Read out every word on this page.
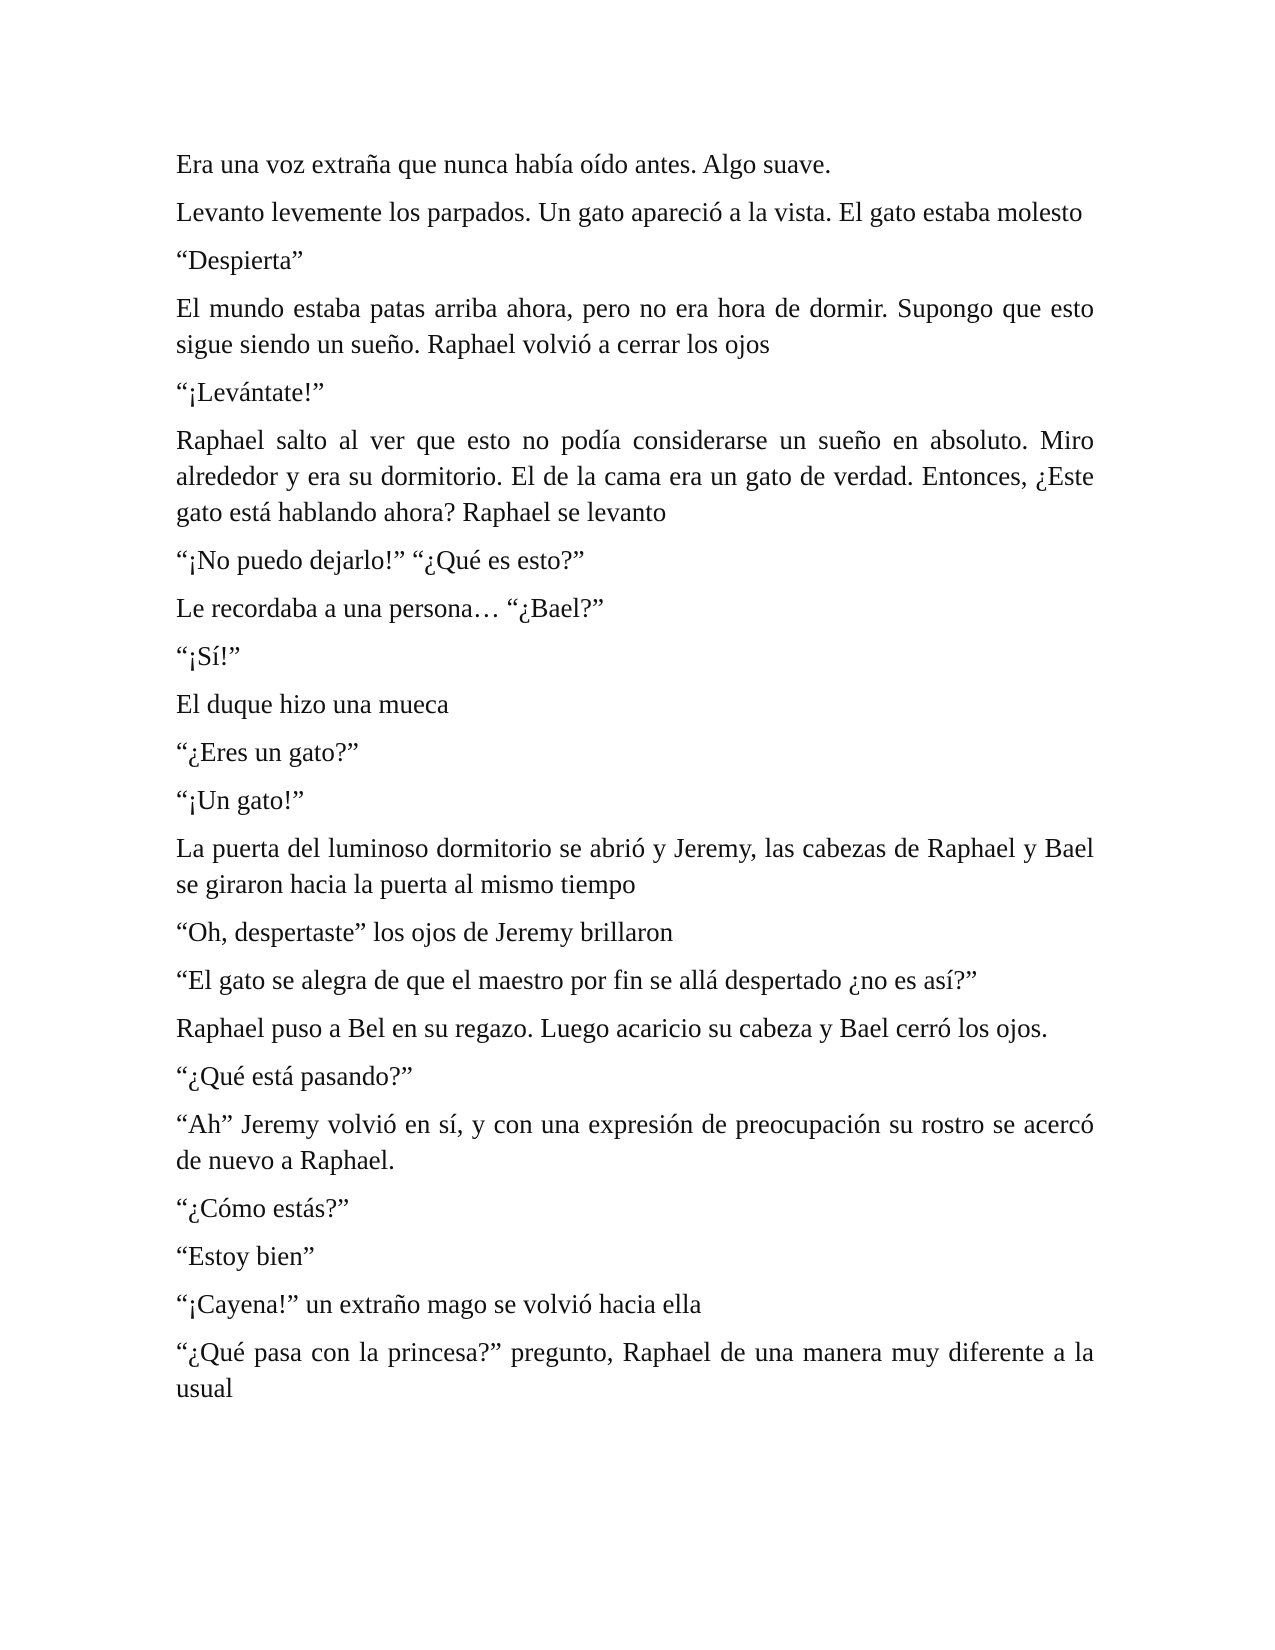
Era una voz extraña que nunca había oído antes. Algo suave.

Levanto levemente los parpados. Un gato apareció a la vista. El gato estaba molesto

“Despierta”

El mundo estaba patas arriba ahora, pero no era hora de dormir. Supongo que esto sigue siendo un sueño. Raphael volvió a cerrar los ojos

“¡Levántate!”

Raphael salto al ver que esto no podía considerarse un sueño en absoluto. Miro alrededor y era su dormitorio. El de la cama era un gato de verdad. Entonces, ¿Este gato está hablando ahora? Raphael se levanto

“¡No puedo dejarlo!” “¿Qué es esto?”

Le recordaba a una persona… “¿Bael?”

“¡Sí!”

El duque hizo una mueca

“¿Eres un gato?”

“¡Un gato!”

La puerta del luminoso dormitorio se abrió y Jeremy, las cabezas de Raphael y Bael se giraron hacia la puerta al mismo tiempo

“Oh, despertaste” los ojos de Jeremy brillaron

“El gato se alegra de que el maestro por fin se allá despertado ¿no es así?”

Raphael puso a Bel en su regazo. Luego acaricio su cabeza y Bael cerró los ojos.

“¿Qué está pasando?”

“Ah” Jeremy volvió en sí, y con una expresión de preocupación su rostro se acercó de nuevo a Raphael.

“¿Cómo estás?”

“Estoy bien”

“¡Cayena!” un extraño mago se volvió hacia ella

“¿Qué pasa con la princesa?” pregunto, Raphael de una manera muy diferente a la usual
